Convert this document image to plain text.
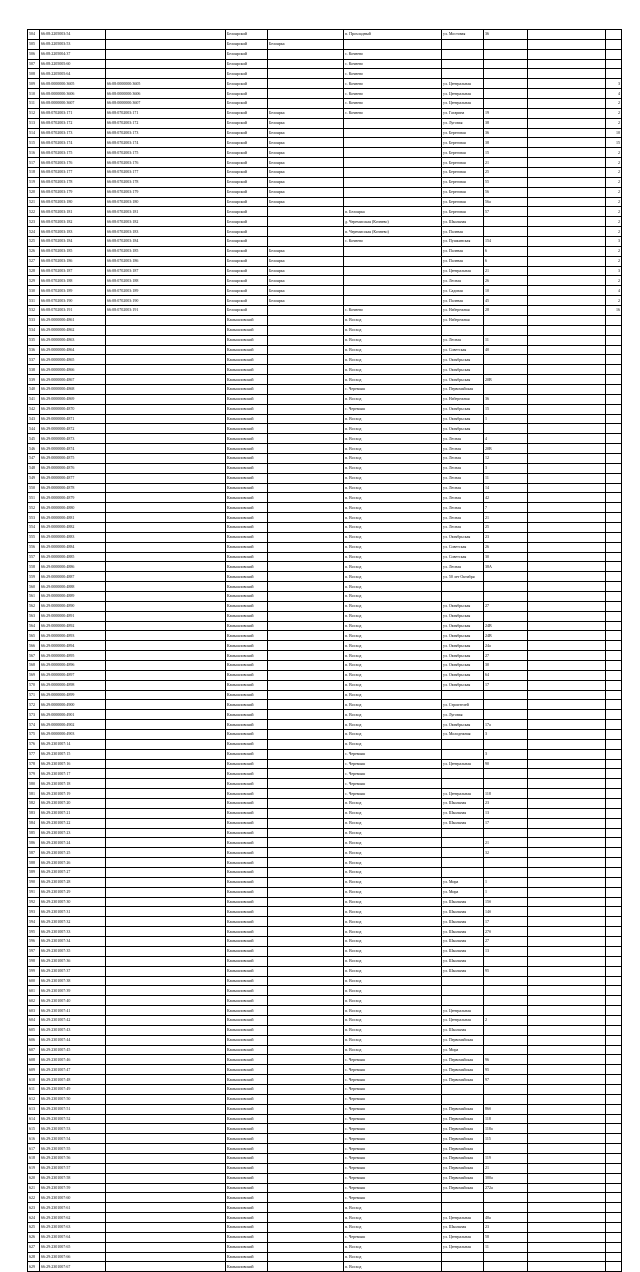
504	66:08:2205003:54		Белоярский		п. Прохладный	ул. Мостовая	36		
505	66:08:2205003:53		Белоярский	Белоярка					
506	66:08:2205004:37		Белоярский		с. Кочнево				
507	66:08:2205005:60		Белоярский		с. Кочнево				
508	66:08:2205005:64		Белоярский		с. Кочнево				
509	66:08:0000000:3605	66:08:0000000:3605	Белоярский		с. Кочнево	ул. Центральная			3
510	66:08:0000000:3606	66:08:0000000:3606	Белоярский		с. Кочнево	ул. Центральная			4
511	66:08:0000000:3607	66:08:0000000:3607	Белоярский		с. Кочнево	ул. Центральная			2
512	66:08:0702003:171	66:08:0702003:171	Белоярский	Белоярка	с. Кочнево	ул. Гагарина	19		2
513	66:08:0702003:172	66:08:0702003:172	Белоярский	Белоярка		ул. Луговая	38		2
514	66:08:0702003:173	66:08:0702003:173	Белоярский	Белоярка		ул. Береговая	36		10
515	66:08:0702003:174	66:08:0702003:174	Белоярский	Белоярка		ул. Береговая	38		15
516	66:08:0702003:175	66:08:0702003:175	Белоярский	Белоярка		ул. Береговая	15		2
517	66:08:0702003:176	66:08:0702003:176	Белоярский	Белоярка		ул. Береговая	21		2
518	66:08:0702003:177	66:08:0702003:177	Белоярский	Белоярка		ул. Береговая	25		2
519	66:08:0702003:178	66:08:0702003:178	Белоярский	Белоярка		ул. Береговая	55		2
520	66:08:0702003:179	66:08:0702003:179	Белоярский	Белоярка		ул. Береговая	56		2
521	66:08:0702003:180	66:08:0702003:180	Белоярский	Белоярка		ул. Береговая	56а		2
522	66:08:0702003:181	66:08:0702003:181	Белоярский		п. Белоярка	ул. Береговая	57		2
523	66:08:0702003:182	66:08:0702003:182	Белоярский		д. Черемисская (Кочнево)	ул. Школьная			2
524	66:08:0702003:183	66:08:0702003:183	Белоярский		п. Черемисская (Кочнево)	ул. Полевая			2
525	66:08:0702003:184	66:08:0702003:184	Белоярский		с. Кочнево	ул. Пушкинская	154		3
526	66:08:0702003:185	66:08:0702003:185	Белоярский	Белоярка		ул. Полевая	6		2
527	66:08:0702003:186	66:08:0702003:186	Белоярский	Белоярка		ул. Полевая	6		2
528	66:08:0702003:187	66:08:0702003:187	Белоярский	Белоярка		ул. Центральная	21		3
529	66:08:0702003:188	66:08:0702003:188	Белоярский	Белоярка		ул. Лесная	26		2
530	66:08:0702003:189	66:08:0702003:189	Белоярский	Белоярка		ул. Садовая	10		4
531	66:08:0702003:190	66:08:0702003:190	Белоярский	Белоярка		ул. Полевая	45		2
532	66:08:0702003:191	66:08:0702003:191	Белоярский		с. Кочнево	ул. Набережная	28		16
533	66:29:0000000:4861		Камышловский		п. Восход	ул. Набережная			
534	66:29:0000000:4862		Камышловский		п. Восход				
535	66:29:0000000:4863		Камышловский		п. Восход	ул. Лесная	11		
536	66:29:0000000:4864		Камышловский		п. Восход	ул. Советская	40		
537	66:29:0000000:4865		Камышловский		п. Восход	ул. Октябрьская			
538	66:29:0000000:4866		Камышловский		п. Восход	ул. Октябрьская			
539	66:29:0000000:4867		Камышловский		п. Восход	ул. Октябрьская	20В		
540	66:29:0000000:4868		Камышловский		с. Черемыш	ул. Первомайская			
541	66:29:0000000:4869		Камышловский		п. Восход	ул. Набережная	36		
542	66:29:0000000:4870		Камышловский		с. Черемыш	ул. Октябрьская	15		
543	66:29:0000000:4871		Камышловский		п. Восход	ул. Октябрьская	1		
544	66:29:0000000:4872		Камышловский		п. Восход	ул. Октябрьская			
545	66:29:0000000:4873		Камышловский		п. Восход	ул. Лесная	4		
546	66:29:0000000:4874		Камышловский		п. Восход	ул. Лесная	20В		
547	66:29:0000000:4875		Камышловский		п. Восход	ул. Лесная	12		
548	66:29:0000000:4876		Камышловский		п. Восход	ул. Лесная	3		
549	66:29:0000000:4877		Камышловский		п. Восход	ул. Лесная	11		
550	66:29:0000000:4878		Камышловский		п. Восход	ул. Лесная	14		
551	66:29:0000000:4879		Камышловский		п. Восход	ул. Лесная	42		
552	66:29:0000000:4880		Камышловский		п. Восход	ул. Лесная	7		
553	66:29:0000000:4881		Камышловский		п. Восход	ул. Лесная	21		
554	66:29:0000000:4882		Камышловский		п. Восход	ул. Лесная	25		
555	66:29:0000000:4883		Камышловский		п. Восход	ул. Октябрьская	23		
556	66:29:0000000:4884		Камышловский		п. Восход	ул. Советская	26		
557	66:29:0000000:4885		Камышловский		п. Восход	ул. Советская	30		
558	66:29:0000000:4886		Камышловский		п. Восход	ул. Лесная	38А		
559	66:29:0000000:4887		Камышловский		п. Восход	ул. 50 лет Октября			
560	66:29:0000000:4888		Камышловский		п. Восход				
561	66:29:0000000:4889		Камышловский		п. Восход				
562	66:29:0000000:4890		Камышловский		п. Восход	ул. Октябрьская	27		
563	66:29:0000000:4891		Камышловский		п. Восход	ул. Октябрьская			
564	66:29:0000000:4892		Камышловский		п. Восход	ул. Октябрьская	24В		
565	66:29:0000000:4893		Камышловский		п. Восход	ул. Октябрьская	24В		
566	66:29:0000000:4894		Камышловский		п. Восход	ул. Октябрьская	24а		
567	66:29:0000000:4895		Камышловский		п. Восход	ул. Октябрьская	27		
568	66:29:0000000:4896		Камышловский		п. Восход	ул. Октябрьская	30		
569	66:29:0000000:4897		Камышловский		п. Восход	ул. Октябрьская	64		
570	66:29:0000000:4898		Камышловский		п. Восход	ул. Октябрьская	17		
571	66:29:0000000:4899		Камышловский		п. Восход				
572	66:29:0000000:4900		Камышловский		п. Восход	ул. Строителей			
573	66:29:0000000:4901		Камышловский		п. Восход	ул. Луговая			
574	66:29:0000000:4902		Камышловский		п. Восход	ул. Октябрьская	17а		
575	66:29:0000000:4903		Камышловский		п. Восход	ул. Молодежная	3		
576	66:29:2301007:14		Камышловский		п. Восход				
577	66:29:2301007:15		Камышловский		с. Черемыш		3		
578	66:29:2301007:16		Камышловский		с. Черемыш	ул. Центральная	90		
579	66:29:2301007:17		Камышловский		с. Черемыш				
580	66:29:2301007:18		Камышловский		с. Черемыш				
581	66:29:2301007:19		Камышловский		с. Черемыш	ул. Центральная	118		
582	66:29:2301007:20		Камышловский		п. Восход	ул. Школьная	23		
583	66:29:2301007:21		Камышловский		п. Восход	ул. Школьная	13		
584	66:29:2301007:22		Камышловский		п. Восход	ул. Школьная	17		
585	66:29:2301007:23		Камышловский		п. Восход				
586	66:29:2301007:24		Камышловский		п. Восход		21		
587	66:29:2301007:25		Камышловский		п. Восход		32		
588	66:29:2301007:26		Камышловский		п. Восход				
589	66:29:2301007:27		Камышловский		п. Восход				
590	66:29:2301007:28		Камышловский		п. Восход	ул. Мира	1		
591	66:29:2301007:29		Камышловский		п. Восход	ул. Мира	1		
592	66:29:2301007:30		Камышловский		п. Восход	ул. Школьная	15б		
593	66:29:2301007:31		Камышловский		п. Восход	ул. Школьная	14б		
594	66:29:2301007:32		Камышловский		п. Восход	ул. Школьная	17		
595	66:29:2301007:33		Камышловский		п. Восход	ул. Школьная	27б		
596	66:29:2301007:34		Камышловский		п. Восход	ул. Школьная	27		
597	66:29:2301007:35		Камышловский		п. Восход	ул. Школьная	13		
598	66:29:2301007:36		Камышловский		п. Восход	ул. Школьная			
599	66:29:2301007:37		Камышловский		п. Восход	ул. Школьная	95		
600	66:29:2301007:38		Камышловский		п. Восход				
601	66:29:2301007:39		Камышловский		п. Восход				
602	66:29:2301007:40		Камышловский		п. Восход				
603	66:29:2301007:41		Камышловский		п. Восход	ул. Центральная			
604	66:29:2301007:42		Камышловский		п. Восход	ул. Центральная	2		
605	66:29:2301007:43		Камышловский		п. Восход	ул. Школьная			
606	66:29:2301007:44		Камышловский		п. Восход	ул. Первомайская			
607	66:29:2301007:45		Камышловский		п. Восход	ул. Мира			
608	66:29:2301007:46		Камышловский		с. Черемыш	ул. Первомайская	96		
609	66:29:2301007:47		Камышловский		с. Черемыш	ул. Первомайская	95		
610	66:29:2301007:48		Камышловский		с. Черемыш	ул. Первомайская	97		
611	66:29:2301007:49		Камышловский		с. Черемыш				
612	66:29:2301007:50		Камышловский		с. Черемыш				
613	66:29:2301007:51		Камышловский		с. Черемыш	ул. Первомайская	86б		
614	66:29:2301007:52		Камышловский		с. Черемыш	ул. Первомайская	118		
615	66:29:2301007:53		Камышловский		с. Черемыш	ул. Первомайская	118а		
616	66:29:2301007:54		Камышловский		с. Черемыш	ул. Первомайская	115		
617	66:29:2301007:55		Камышловский		с. Черемыш	ул. Первомайская			
618	66:29:2301007:56		Камышловский		с. Черемыш	ул. Первомайская	119		
619	66:29:2301007:57		Камышловский		с. Черемыш	ул. Первомайская	21		
620	66:29:2301007:58		Камышловский		с. Черемыш	ул. Первомайская	300а		
621	66:29:2301007:59		Камышловский		с. Черемыш	ул. Первомайская	272а		
622	66:29:2301007:60		Камышловский		с. Черемыш				
623	66:29:2301007:61		Камышловский		п. Восход				
624	66:29:2301007:62		Камышловский		п. Восход	ул. Центральная	40а		
625	66:29:2301007:63		Камышловский		п. Восход	ул. Школьная	23		
626	66:29:2301007:64		Камышловский		с. Черемыш	ул. Центральная	58		
627	66:29:2301007:65		Камышловский		п. Восход	ул. Центральная	11		
628	66:29:2301007:66		Камышловский		п. Восход				
629	66:29:2301007:67		Камышловский		п. Восход				
